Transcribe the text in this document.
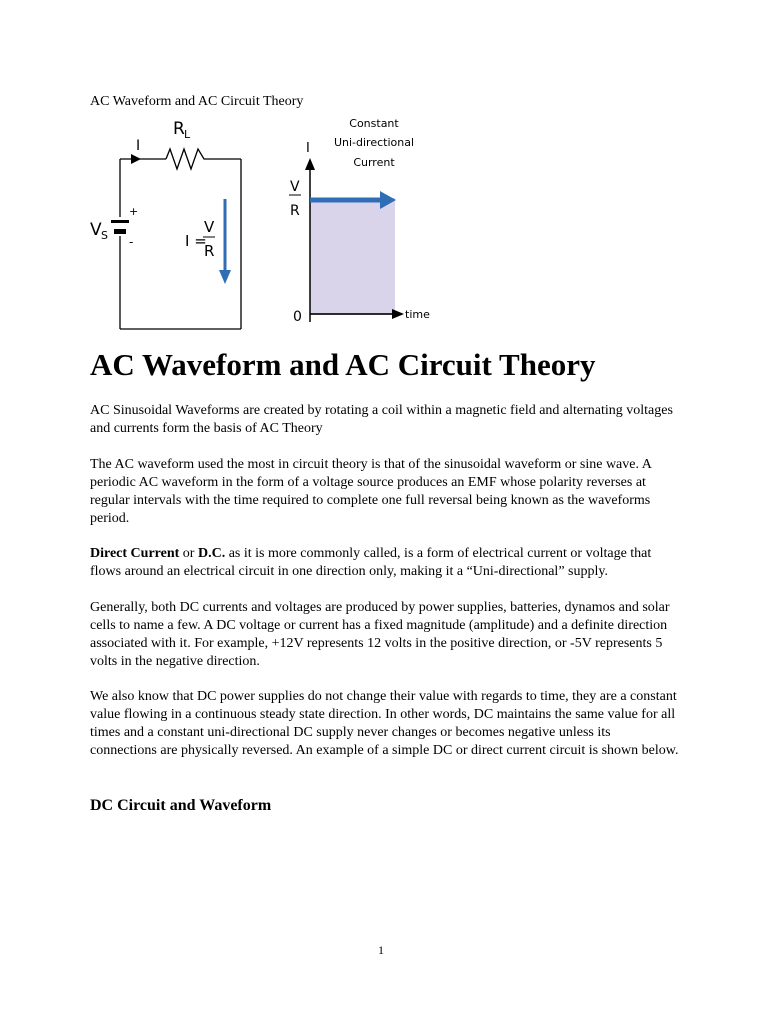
AC Waveform and AC Circuit Theory
I
R L
V S
+
-	I =
V
R
I
V
R
0	time
Constant
Uni-directional
Current
AC Waveform and AC Circuit Theory

AC Sinusoidal Waveforms are created by rotating a coil within a magnetic field and alternating voltages and currents form the basis of AC Theory

The AC waveform used the most in circuit theory is that of the sinusoidal waveform or sine wave. A periodic AC waveform in the form of a voltage source produces an EMF whose polarity reverses at regular intervals with the time required to complete one full reversal being known as the waveforms period.

Direct Current or D.C. as it is more commonly called, is a form of electrical current or voltage that flows around an electrical circuit in one direction only, making it a “Uni-directional” supply.

Generally, both DC currents and voltages are produced by power supplies, batteries, dynamos and solar cells to name a few. A DC voltage or current has a fixed magnitude (amplitude) and a definite direction associated with it. For example, +12V represents 12 volts in the positive direction, or -5V represents 5 volts in the negative direction.

We also know that DC power supplies do not change their value with regards to time, they are a constant value flowing in a continuous steady state direction. In other words, DC maintains the same value for all times and a constant uni-directional DC supply never changes or becomes negative unless its connections are physically reversed. An example of a simple DC or direct current circuit is shown below.

DC Circuit and Waveform
1
